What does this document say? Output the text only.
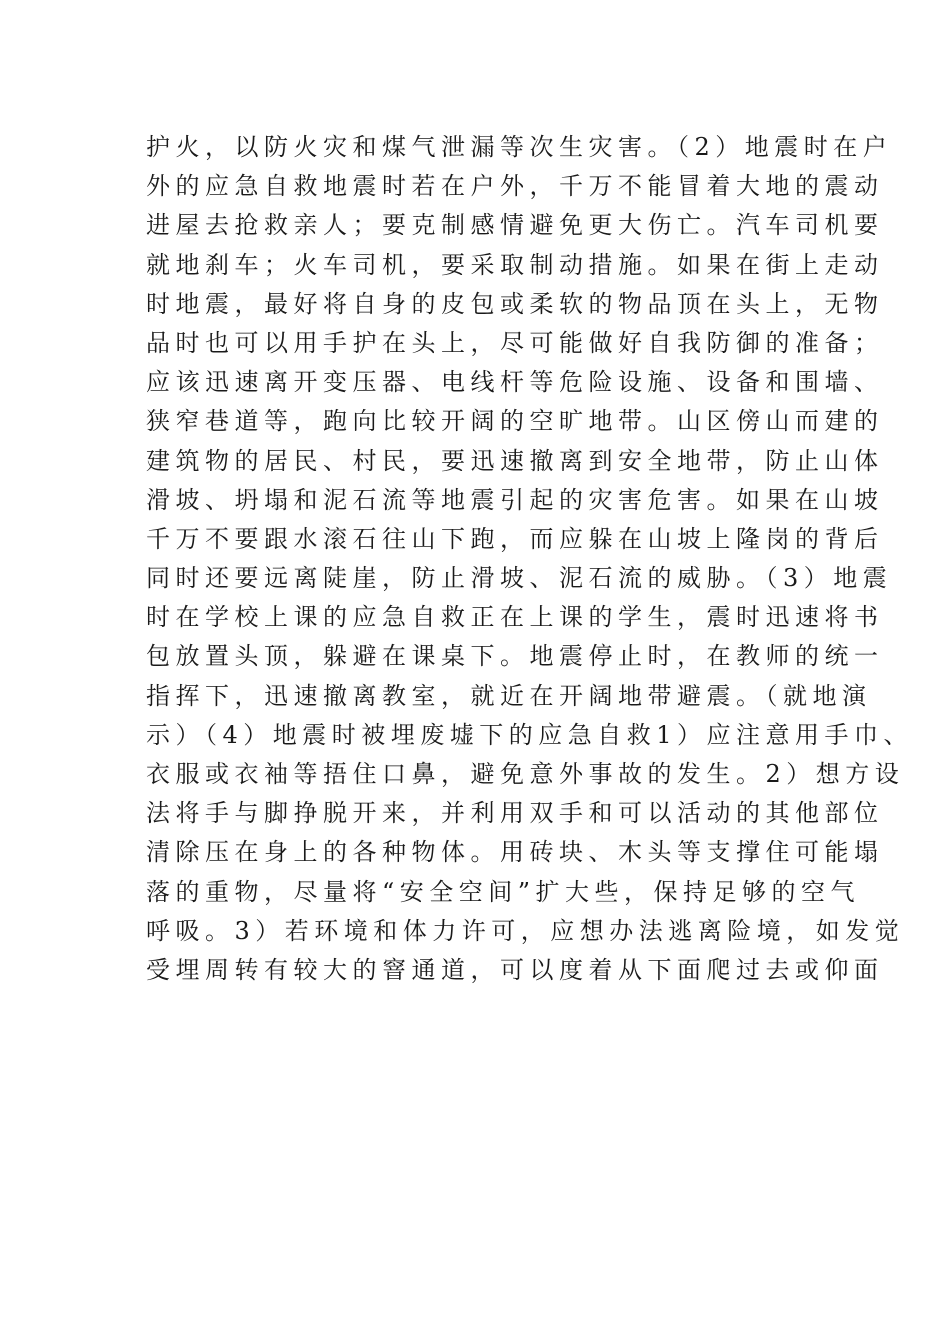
护火，以防火灾和煤气泄漏等次生灾害。（2）地震时在户
外的应急自救地震时若在户外，千万不能冒着大地的震动
进屋去抢救亲人；要克制感情避免更大伤亡。汽车司机要
就地刹车；火车司机，要采取制动措施。如果在街上走动
时地震，最好将自身的皮包或柔软的物品顶在头上，无物
品时也可以用手护在头上，尽可能做好自我防御的准备；
应该迅速离开变压器、电线杆等危险设施、设备和围墙、
狭窄巷道等，跑向比较开阔的空旷地带。山区傍山而建的
建筑物的居民、村民，要迅速撤离到安全地带，防止山体
滑坡、坍塌和泥石流等地震引起的灾害危害。如果在山坡
千万不要跟水滚石往山下跑，而应躲在山坡上隆岗的背后
同时还要远离陡崖，防止滑坡、泥石流的威胁。（3）地震
时在学校上课的应急自救正在上课的学生，震时迅速将书
包放置头顶，躲避在课桌下。地震停止时，在教师的统一
指挥下，迅速撤离教室，就近在开阔地带避震。（就地演
示）（4）地震时被埋废墟下的应急自救1）应注意用手巾、
衣服或衣袖等捂住口鼻，避免意外事故的发生。2）想方设
法将手与脚挣脱开来，并利用双手和可以活动的其他部位
清除压在身上的各种物体。用砖块、木头等支撑住可能塌
落的重物，尽量将“安全空间”扩大些，保持足够的空气
呼吸。3）若环境和体力许可，应想办法逃离险境，如发觉
受埋周转有较大的窨通道，可以度着从下面爬过去或仰面
